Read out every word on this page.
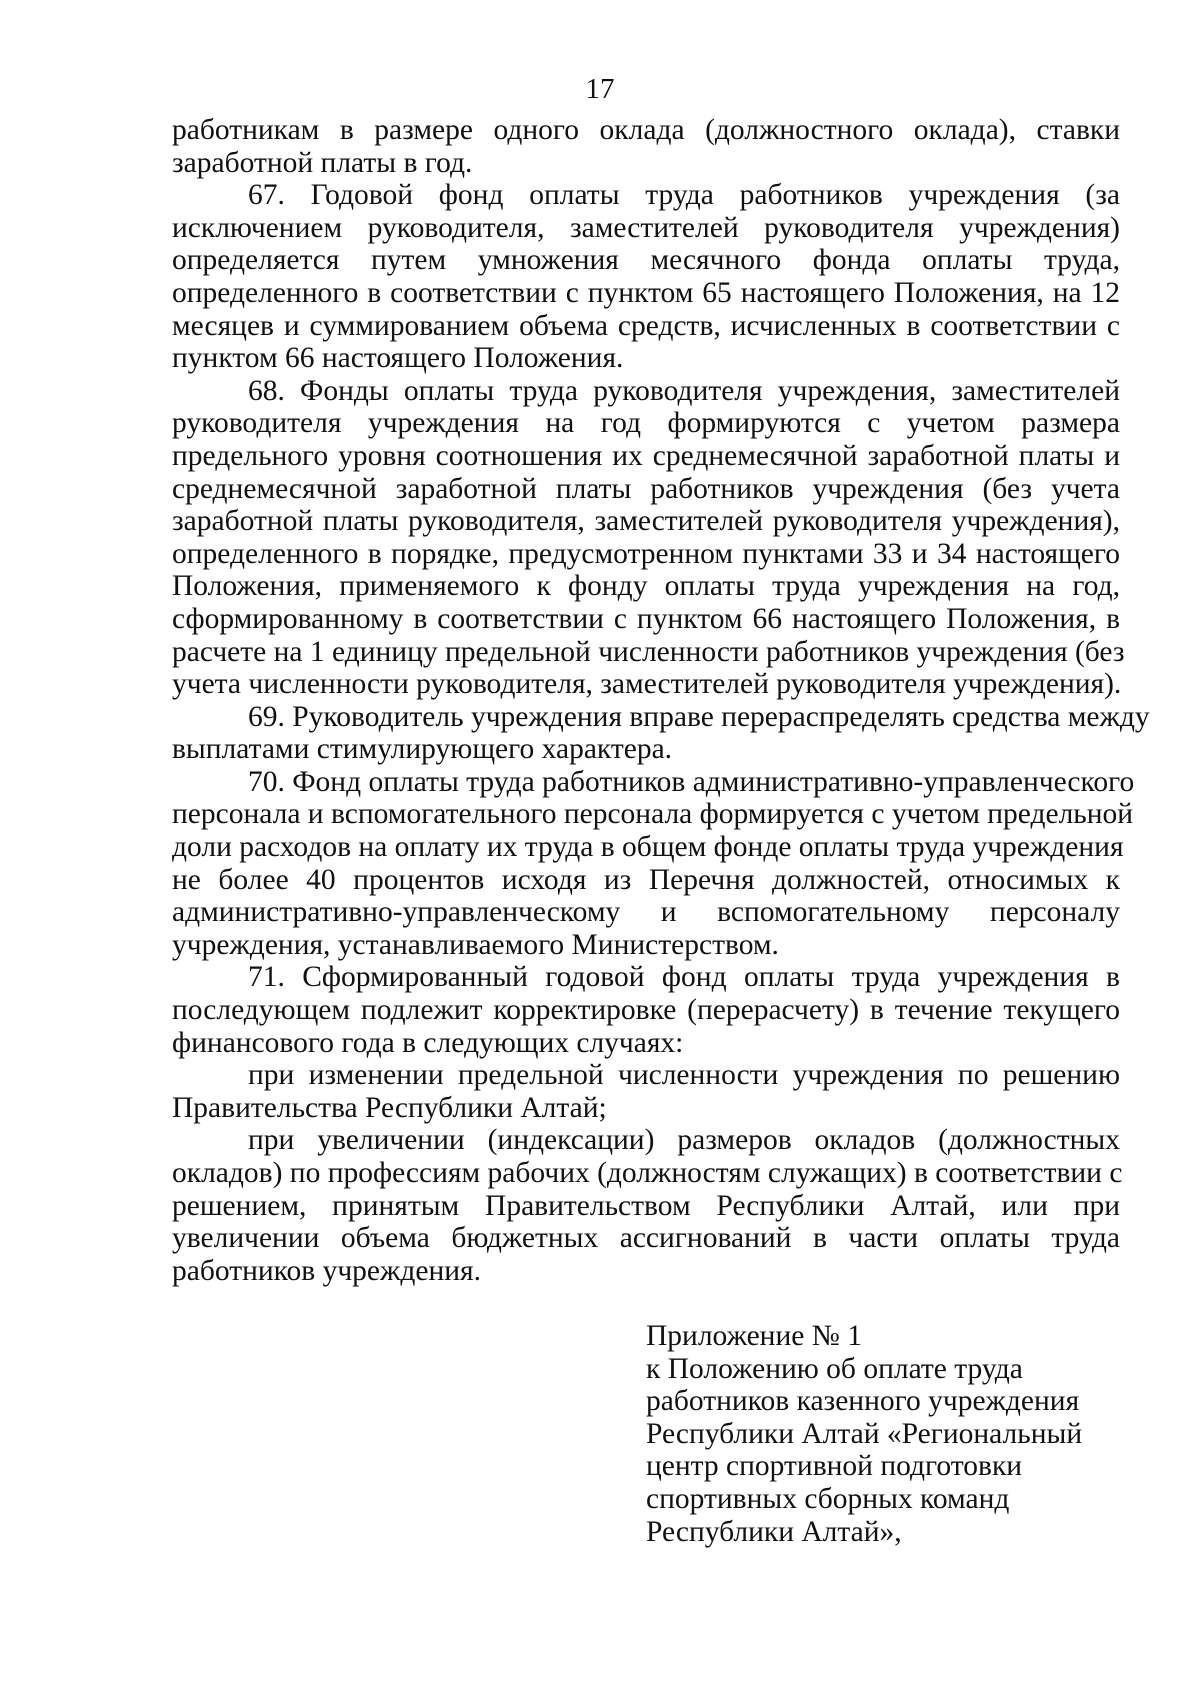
17
работникам в размере одного оклада (должностного оклада), ставки
заработной платы в год.
67. Годовой фонд оплаты труда работников учреждения (за
исключением руководителя, заместителей руководителя учреждения)
определяется путем умножения месячного фонда оплаты труда,
определенного в соответствии с пунктом 65 настоящего Положения, на 12
месяцев и суммированием объема средств, исчисленных в соответствии с
пунктом 66 настоящего Положения.
68. Фонды оплаты труда руководителя учреждения, заместителей
руководителя учреждения на год формируются с учетом размера
предельного уровня соотношения их среднемесячной заработной платы и
среднемесячной заработной платы работников учреждения (без учета
заработной платы руководителя, заместителей руководителя учреждения),
определенного в порядке, предусмотренном пунктами 33 и 34 настоящего
Положения, применяемого к фонду оплаты труда учреждения на год,
сформированному в соответствии с пунктом 66 настоящего Положения, в
расчете на 1 единицу предельной численности работников учреждения (без
учета численности руководителя, заместителей руководителя учреждения).
69. Руководитель учреждения вправе перераспределять средства между
выплатами стимулирующего характера.
70. Фонд оплаты труда работников административно-управленческого
персонала и вспомогательного персонала формируется с учетом предельной
доли расходов на оплату их труда в общем фонде оплаты труда учреждения
не более 40 процентов исходя из Перечня должностей, относимых к
административно-управленческому и вспомогательному персоналу
учреждения, устанавливаемого Министерством.
71. Сформированный годовой фонд оплаты труда учреждения в
последующем подлежит корректировке (перерасчету) в течение текущего
финансового года в следующих случаях:
при изменении предельной численности учреждения по решению
Правительства Республики Алтай;
при увеличении (индексации) размеров окладов (должностных
окладов) по профессиям рабочих (должностям служащих) в соответствии с
решением, принятым Правительством Республики Алтай, или при
увеличении объема бюджетных ассигнований в части оплаты труда
работников учреждения.
Приложение № 1
к Положению об оплате труда
работников казенного учреждения
Республики Алтай «Региональный
центр спортивной подготовки
спортивных сборных команд
Республики Алтай»,
